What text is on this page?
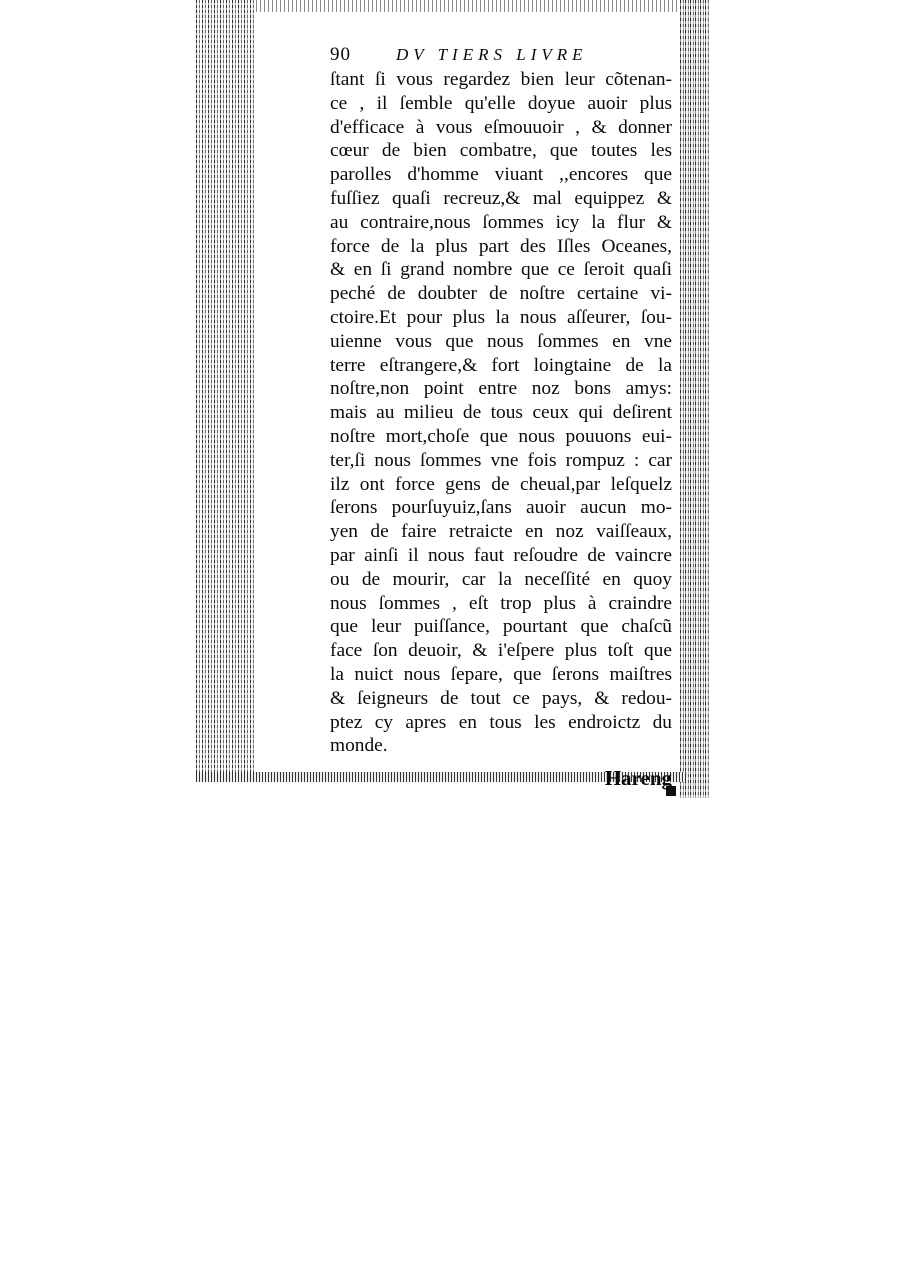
90	DV TIERS LIVRE
ſtant ſi vous regardez bien leur cõtenan-
ce , il ſemble qu'elle doyue auoir plus
d'efficace à vous eſmouuoir , & donner
cœur de bien combatre, que toutes les
parolles d'homme viuant ,,encores que
fuſſiez quaſi recreuz,& mal equippez &
au contraire,nous ſommes icy la flur &
force de la plus part des Iſles Oceanes,
& en ſi grand nombre que ce ſeroit quaſi
peché de doubter de noſtre certaine vi-
ctoire.Et pour plus la nous aſſeurer, ſou-
uienne vous que nous ſommes en vne
terre eſtrangere,& fort loingtaine de la
noſtre,non point entre noz bons amys:
mais au milieu de tous ceux qui deſirent
noſtre mort,choſe que nous pouuons eui-
ter,ſi nous ſommes vne fois rompuz : car
ilz ont force gens de cheual,par leſquelz
ſerons pourſuyuiz,ſans auoir aucun mo-
yen de faire retraicte en noz vaiſſeaux,
par ainſi il nous faut reſoudre de vaincre
ou de mourir, car la neceſſité en quoy
nous ſommes , eſt trop plus à craindre
que leur puiſſance, pourtant que chaſcũ
face ſon deuoir, & i'eſpere plus toſt que
la nuict nous ſepare, que ſerons maiſtres
& ſeigneurs de tout ce pays, & redou-
ptez cy apres en tous les endroictz du
monde.
Hareng
